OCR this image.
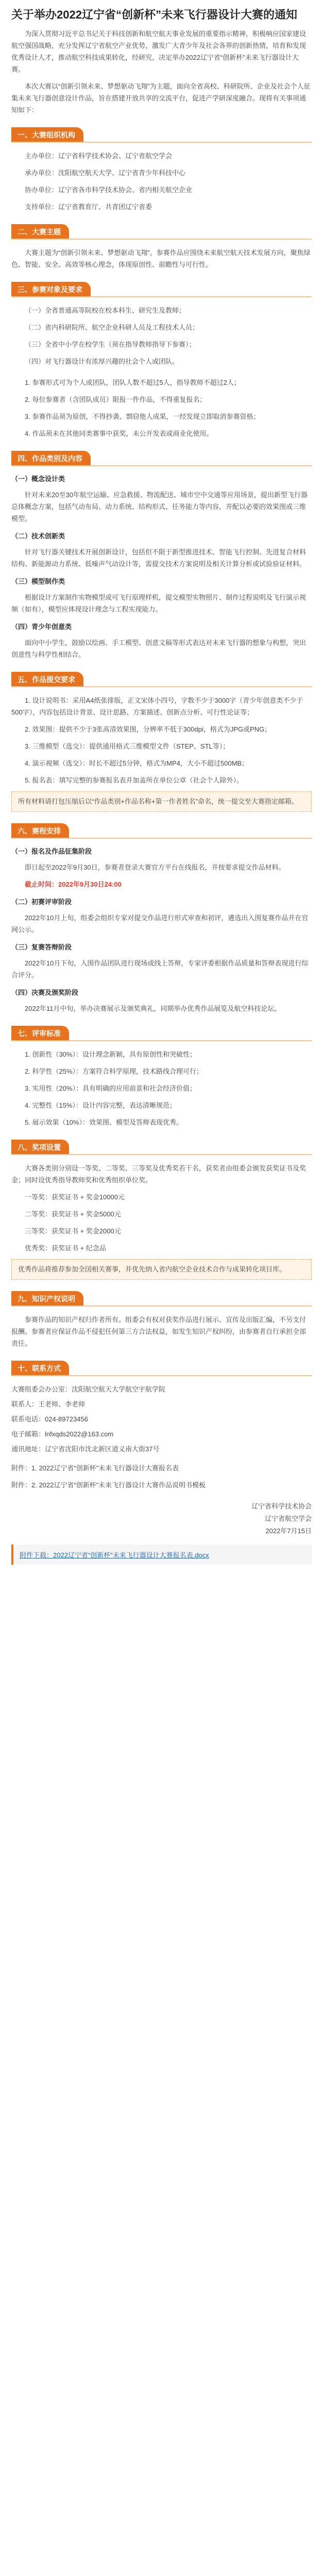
关于举办2022辽宁省“创新杯”未来飞行器设计大赛的通知

为深入贯彻习近平总书记关于科技创新和航空航天事业发展的重要指示精神，积极响应国家建设航空强国战略，充分发挥辽宁省航空产业优势，激发广大青少年及社会各界的创新热情，培育和发现优秀设计人才，推动航空科技成果转化，经研究，决定举办2022辽宁省“创新杯”未来飞行器设计大赛。

本次大赛以“创新引领未来、梦想驱动飞翔”为主题，面向全省高校、科研院所、企业及社会个人征集未来飞行器创意设计作品，旨在搭建开放共享的交流平台，促进产学研深度融合。现将有关事项通知如下：

一、大赛组织机构

主办单位：辽宁省科学技术协会、辽宁省航空学会

承办单位：沈阳航空航天大学、辽宁省青少年科技中心

协办单位：辽宁省各市科学技术协会、省内相关航空企业

支持单位：辽宁省教育厅、共青团辽宁省委

二、大赛主题

大赛主题为“创新引领未来、梦想驱动飞翔”。参赛作品应围绕未来航空航天技术发展方向，聚焦绿色、智能、安全、高效等核心理念，体现原创性、前瞻性与可行性。

三、参赛对象及要求

（一）全省普通高等院校在校本科生、研究生及教师；

（二）省内科研院所、航空企业科研人员及工程技术人员；

（三）全省中小学在校学生（须在指导教师指导下参赛）；

（四）对飞行器设计有浓厚兴趣的社会个人或团队。

1. 参赛形式可为个人或团队，团队人数不超过5人，指导教师不超过2人；

2. 每位参赛者（含团队成员）限报一件作品，不得重复报名；

3. 参赛作品须为原创，不得抄袭、剽窃他人成果，一经发现立即取消参赛资格；

4. 作品须未在其他同类赛事中获奖，未公开发表或商业化使用。

四、作品类别及内容
（一）概念设计类

针对未来20至30年航空运输、应急救援、物流配送、城市空中交通等应用场景，提出新型飞行器总体概念方案，包括气动布局、动力系统、结构形式、任务能力等内容，并配以必要的效果图或三维模型。

（二）技术创新类

针对飞行器关键技术开展创新设计，包括但不限于新型推进技术、智能飞行控制、先进复合材料结构、新能源动力系统、低噪声气动设计等，需提交技术方案说明及相关计算分析或试验验证材料。

（三）模型制作类

根据设计方案制作实物模型或可飞行原理样机，提交模型实物照片、制作过程说明及飞行演示视频（如有），模型应体现设计理念与工程实现能力。

（四）青少年创意类

面向中小学生，鼓励以绘画、手工模型、创意文稿等形式表达对未来飞行器的想象与构想，突出创意性与科学性相结合。

五、作品提交要求

1. 设计说明书：采用A4纸张排版，正文宋体小四号，字数不少于3000字（青少年创意类不少于500字），内容包括设计背景、设计思路、方案描述、创新点分析、可行性论证等；

2. 效果图：提供不少于3张高清效果图，分辨率不低于300dpi，格式为JPG或PNG；

3. 三维模型（选交）：提供通用格式三维模型文件（STEP、STL等）；

4. 演示视频（选交）：时长不超过5分钟，格式为MP4，大小不超过500MB；

5. 报名表：填写完整的参赛报名表并加盖所在单位公章（社会个人除外）。

所有材料请打包压缩后以“作品类别+作品名称+第一作者姓名”命名，统一提交至大赛指定邮箱。
六、赛程安排
（一）报名及作品征集阶段

即日起至2022年9月30日，参赛者登录大赛官方平台在线报名，并按要求提交作品材料。

截止时间：2022年9月30日24:00

（二）初赛评审阶段

2022年10月上旬，组委会组织专家对提交作品进行形式审查和初评，遴选出入围复赛作品并在官网公示。

（三）复赛答辩阶段

2022年10月下旬，入围作品团队进行现场或线上答辩，专家评委根据作品质量和答辩表现进行综合评分。

（四）决赛及颁奖阶段

2022年11月中旬，举办决赛展示及颁奖典礼，同期举办优秀作品展览及航空科技论坛。

七、评审标准

1. 创新性（30%）：设计理念新颖，具有原创性和突破性；

2. 科学性（25%）：方案符合科学原理，技术路线合理可行；

3. 实用性（20%）：具有明确的应用前景和社会经济价值；

4. 完整性（15%）：设计内容完整，表达清晰规范；

5. 展示效果（10%）：效果图、模型及答辩表现优秀。

八、奖项设置

大赛各类别分别设一等奖、二等奖、三等奖及优秀奖若干名，获奖者由组委会颁发获奖证书及奖金；同时设优秀指导教师奖和优秀组织单位奖。

一等奖：获奖证书 + 奖金10000元

二等奖：获奖证书 + 奖金5000元

三等奖：获奖证书 + 奖金2000元

优秀奖：获奖证书 + 纪念品

优秀作品将推荐参加全国相关赛事，并优先纳入省内航空企业技术合作与成果转化项目库。
九、知识产权说明

参赛作品的知识产权归作者所有。组委会有权对获奖作品进行展示、宣传及出版汇编，不另支付报酬。参赛者应保证作品不侵犯任何第三方合法权益，如发生知识产权纠纷，由参赛者自行承担全部责任。

十、联系方式

大赛组委会办公室：沈阳航空航天大学航空宇航学院

联系人：王老师、李老师

联系电话：024-89723456

电子邮箱：lnfxqds2022@163.com

通讯地址：辽宁省沈阳市沈北新区道义南大街37号

附件：1. 2022辽宁省“创新杯”未来飞行器设计大赛报名表

附件：2. 2022辽宁省“创新杯”未来飞行器设计大赛作品说明书模板

辽宁省科学技术协会
辽宁省航空学会
2022年7月15日
附件下载：2022辽宁省“创新杯”未来飞行器设计大赛报名表.docx
